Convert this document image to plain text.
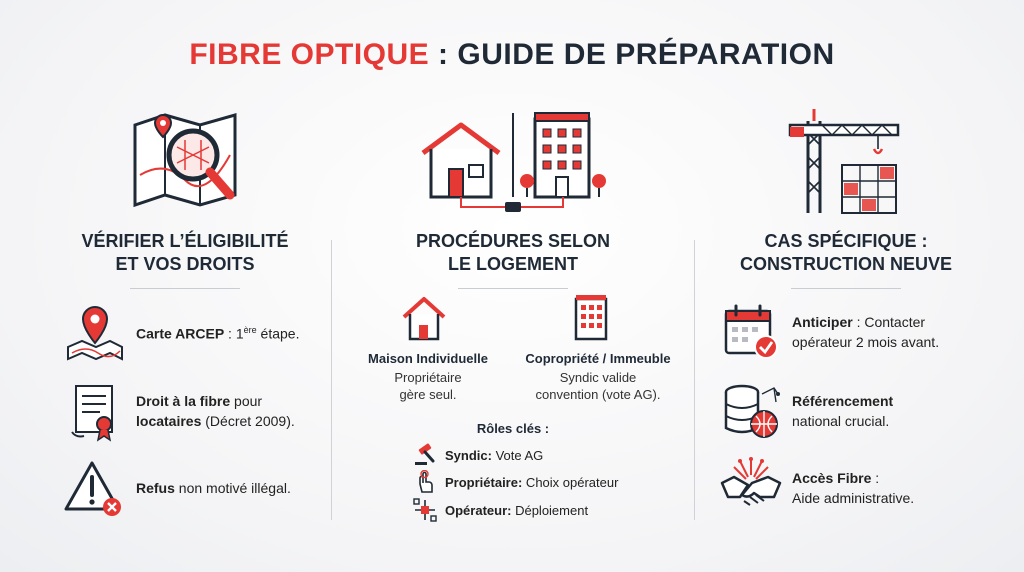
FIBRE OPTIQUE : GUIDE DE PRÉPARATION
VÉRIFIER L’ÉLIGIBILITÉ
ET VOS DROITS
Carte ARCEP : 1ère étape.
Droit à la fibre pour
locataires (Décret 2009).
Refus non motivé illégal.
PROCÉDURES SELON
LE LOGEMENT
Maison Individuelle
Propriétaire
gère seul.
Copropriété / Immeuble
Syndic valide
convention (vote AG).
Rôles clés :
Syndic: Vote AG
Propriétaire: Choix opérateur
Opérateur: Déploiement
CAS SPÉCIFIQUE :
CONSTRUCTION NEUVE
Anticiper : Contacter
opérateur 2 mois avant.
Référencement
national crucial.
Accès Fibre :
Aide administrative.
